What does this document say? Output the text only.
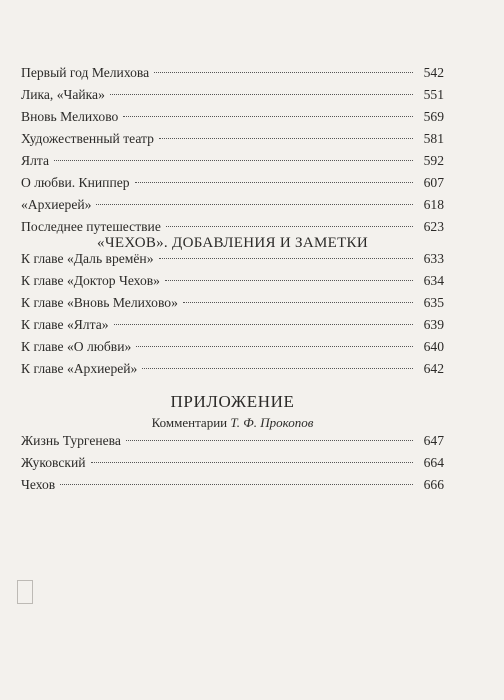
Первый год Мелихова	542
Лика, «Чайка»	551
Вновь Мелихово	569
Художественный театр	581
Ялта	592
О любви. Книппер	607
«Архиерей»	618
Последнее путешествие	623
«ЧЕХОВ». ДОБАВЛЕНИЯ И ЗАМЕТКИ
К главе «Даль времён»	633
К главе «Доктор Чехов»	634
К главе «Вновь Мелихово»	635
К главе «Ялта»	639
К главе «О любви»	640
К главе «Архиерей»	642
ПРИЛОЖЕНИЕ
Комментарии Т. Ф. Прокопов
Жизнь Тургенева	647
Жуковский	664
Чехов	666
